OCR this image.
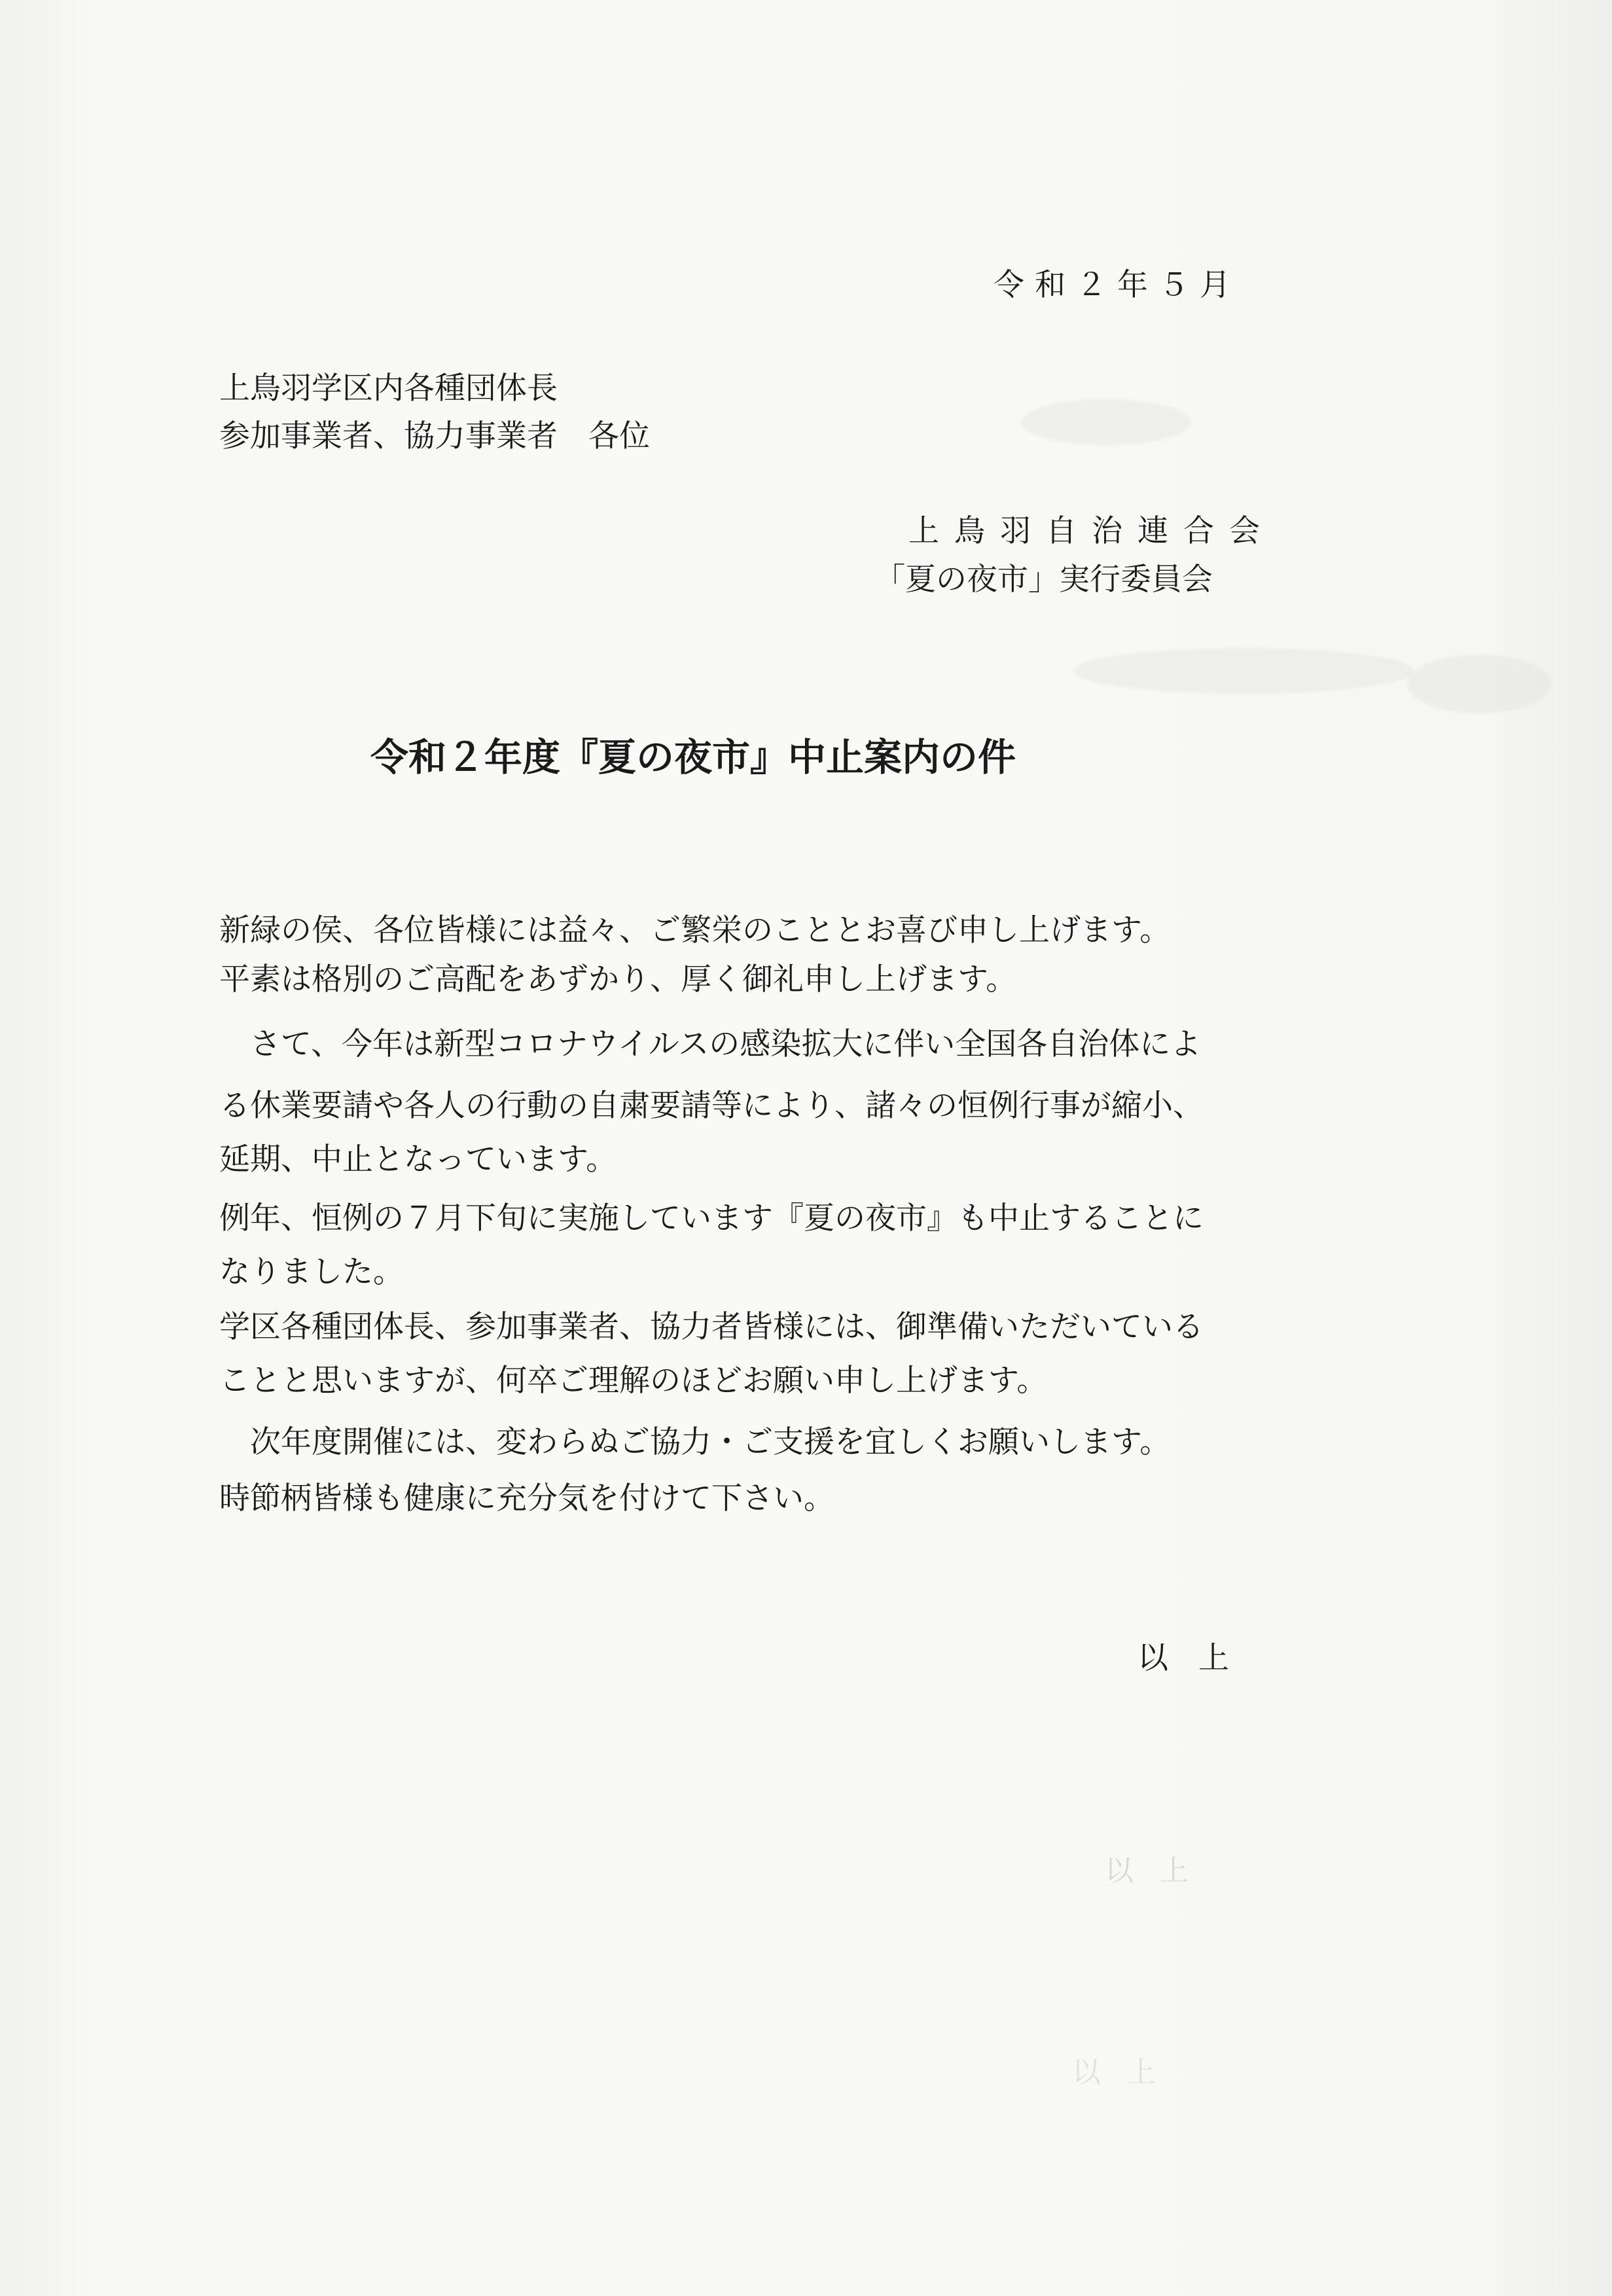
令和２年５月
上鳥羽学区内各種団体長
参加事業者、協力事業者　各位
上鳥羽自治連合会
「夏の夜市」実行委員会
令和２年度『夏の夜市』中止案内の件
新緑の侯、各位皆様には益々、ご繁栄のこととお喜び申し上げます。
平素は格別のご高配をあずかり、厚く御礼申し上げます。
　さて、今年は新型コロナウイルスの感染拡大に伴い全国各自治体によ
る休業要請や各人の行動の自粛要請等により、諸々の恒例行事が縮小、
延期、中止となっています。
例年、恒例の７月下旬に実施しています『夏の夜市』も中止することに
なりました。
学区各種団体長、参加事業者、協力者皆様には、御準備いただいている
ことと思いますが、何卒ご理解のほどお願い申し上げます。
　次年度開催には、変わらぬご協力・ご支援を宜しくお願いします。
時節柄皆様も健康に充分気を付けて下さい。
以上
以上
以上
